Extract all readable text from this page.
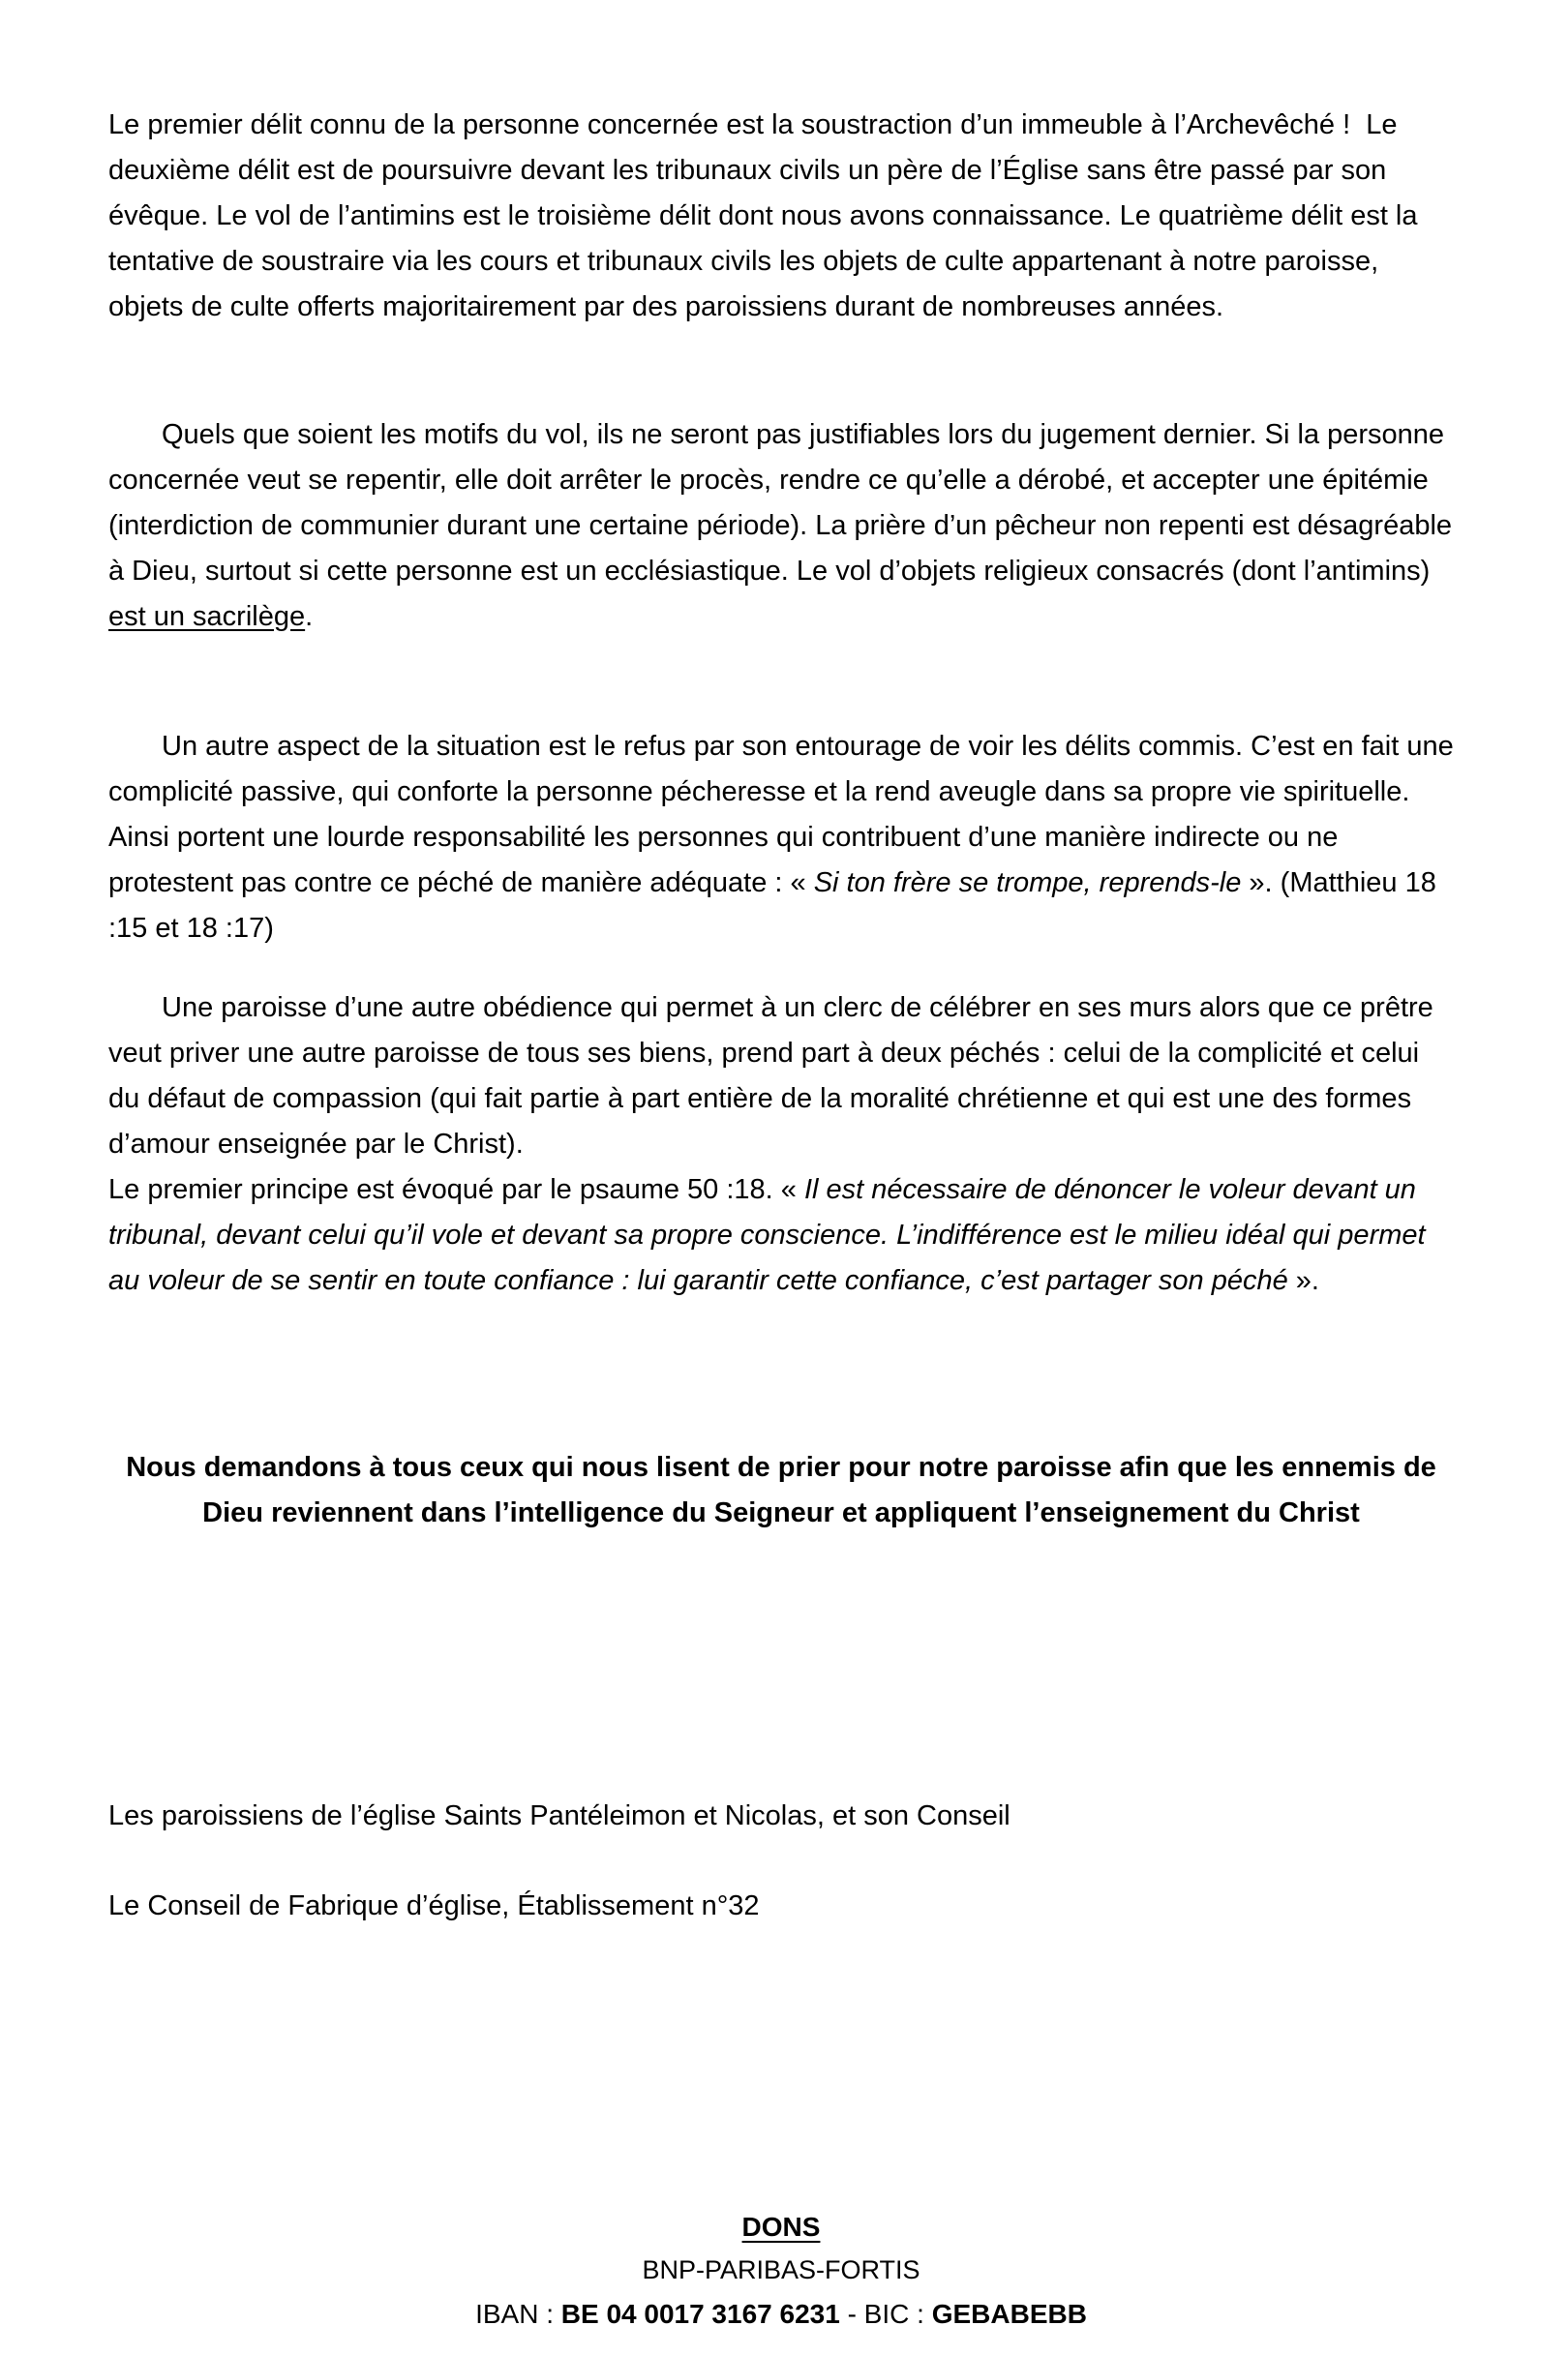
Le premier délit connu de la personne concernée est la soustraction d’un immeuble à l’Archevêché !  Le deuxième délit est de poursuivre devant les tribunaux civils un père de l’Église sans être passé par son évêque. Le vol de l’antimins est le troisième délit dont nous avons connaissance. Le quatrième délit est la tentative de soustraire via les cours et tribunaux civils les objets de culte appartenant à notre paroisse, objets de culte offerts majoritairement par des paroissiens durant de nombreuses années.

Quels que soient les motifs du vol, ils ne seront pas justifiables lors du jugement dernier. Si la personne concernée veut se repentir, elle doit arrêter le procès, rendre ce qu’elle a dérobé, et accepter une épitémie (interdiction de communier durant une certaine période). La prière d’un pêcheur non repenti est désagréable à Dieu, surtout si cette personne est un ecclésiastique. Le vol d’objets religieux consacrés (dont l’antimins) est un sacrilège.

Un autre aspect de la situation est le refus par son entourage de voir les délits commis. C’est en fait une complicité passive, qui conforte la personne pécheresse et la rend aveugle dans sa propre vie spirituelle. Ainsi portent une lourde responsabilité les personnes qui contribuent d’une manière indirecte ou ne protestent pas contre ce péché de manière adéquate : « Si ton frère se trompe, reprends-le ». (Matthieu 18 :15 et 18 :17)

Une paroisse d’une autre obédience qui permet à un clerc de célébrer en ses murs alors que ce prêtre veut priver une autre paroisse de tous ses biens, prend part à deux péchés : celui de la complicité et celui du défaut de compassion (qui fait partie à part entière de la moralité chrétienne et qui est une des formes d’amour enseignée par le Christ).
Le premier principe est évoqué par le psaume 50 :18. « Il est nécessaire de dénoncer le voleur devant un tribunal, devant celui qu’il vole et devant sa propre conscience. L’indifférence est le milieu idéal qui permet au voleur de se sentir en toute confiance : lui garantir cette confiance, c’est partager son péché ».

Nous demandons à tous ceux qui nous lisent de prier pour notre paroisse afin que les ennemis de Dieu reviennent dans l’intelligence du Seigneur et appliquent l’enseignement du Christ

Les paroissiens de l’église Saints Pantéleimon et Nicolas, et son Conseil

Le Conseil de Fabrique d’église, Établissement n°32

DONS

BNP-PARIBAS-FORTIS

IBAN : BE 04 0017 3167 6231 - BIC : GEBABEBB
